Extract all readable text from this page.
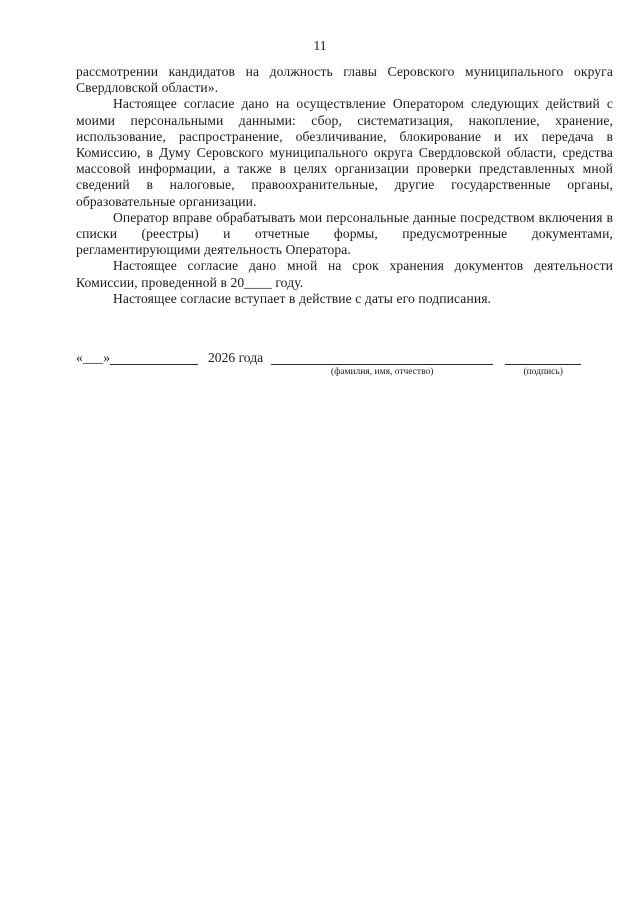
11

рассмотрении кандидатов на должность главы Серовского муниципального округа Свердловской области».

Настоящее согласие дано на осуществление Оператором следующих действий с моими персональными данными: сбор, систематизация, накопление, хранение, использование, распространение, обезличивание, блокирование и их передача в Комиссию, в Думу Серовского муниципального округа Свердловской области, средства массовой информации, а также в целях организации проверки представленных мной сведений в налоговые, правоохранительные, другие государственные органы, образовательные организации.

Оператор вправе обрабатывать мои персональные данные посредством включения в списки (реестры) и отчетные формы, предусмотренные документами, регламентирующими деятельность Оператора.

Настоящее согласие дано мной на срок хранения документов деятельности Комиссии, проведенной в 20____ году.

Настоящее согласие вступает в действие с даты его подписания.

«___»	2026 года
(фамилия, имя, отчество)	(подпись)
